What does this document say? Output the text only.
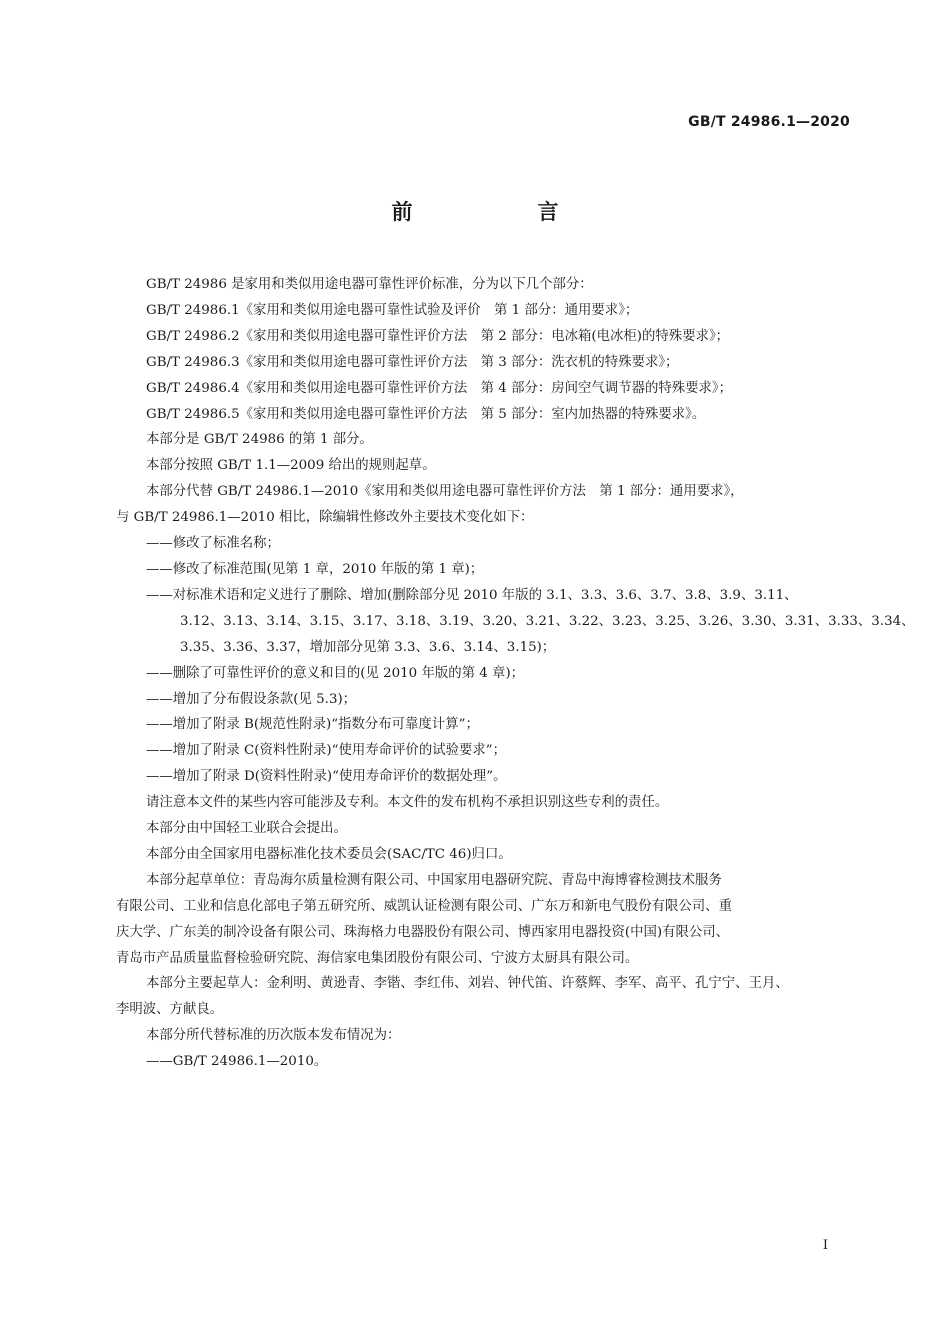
GB/T 24986.1—2020
前　言

GB/T 24986 是家用和类似用途电器可靠性评价标准，分为以下几个部分：

GB/T 24986.1《家用和类似用途电器可靠性试验及评价　第 1 部分：通用要求》；

GB/T 24986.2《家用和类似用途电器可靠性评价方法　第 2 部分：电冰箱(电冰柜)的特殊要求》；

GB/T 24986.3《家用和类似用途电器可靠性评价方法　第 3 部分：洗衣机的特殊要求》；

GB/T 24986.4《家用和类似用途电器可靠性评价方法　第 4 部分：房间空气调节器的特殊要求》；

GB/T 24986.5《家用和类似用途电器可靠性评价方法　第 5 部分：室内加热器的特殊要求》。

本部分是 GB/T 24986 的第 1 部分。

本部分按照 GB/T 1.1—2009 给出的规则起草。

本部分代替 GB/T 24986.1—2010《家用和类似用途电器可靠性评价方法　第 1 部分：通用要求》，

与 GB/T 24986.1—2010 相比，除编辑性修改外主要技术变化如下：

——修改了标准名称；

——修改了标准范围(见第 1 章，2010 年版的第 1 章)；

——对标准术语和定义进行了删除、增加(删除部分见 2010 年版的 3.1、3.3、3.6、3.7、3.8、3.9、3.11、

3.12、3.13、3.14、3.15、3.17、3.18、3.19、3.20、3.21、3.22、3.23、3.25、3.26、3.30、3.31、3.33、3.34、

3.35、3.36、3.37，增加部分见第 3.3、3.6、3.14、3.15)；

——删除了可靠性评价的意义和目的(见 2010 年版的第 4 章)；

——增加了分布假设条款(见 5.3)；

——增加了附录 B(规范性附录)“指数分布可靠度计算”；

——增加了附录 C(资料性附录)“使用寿命评价的试验要求”；

——增加了附录 D(资料性附录)“使用寿命评价的数据处理”。

请注意本文件的某些内容可能涉及专利。本文件的发布机构不承担识别这些专利的责任。

本部分由中国轻工业联合会提出。

本部分由全国家用电器标准化技术委员会(SAC/TC 46)归口。

本部分起草单位：青岛海尔质量检测有限公司、中国家用电器研究院、青岛中海博睿检测技术服务

有限公司、工业和信息化部电子第五研究所、威凯认证检测有限公司、广东万和新电气股份有限公司、重

庆大学、广东美的制冷设备有限公司、珠海格力电器股份有限公司、博西家用电器投资(中国)有限公司、

青岛市产品质量监督检验研究院、海信家电集团股份有限公司、宁波方太厨具有限公司。

本部分主要起草人：金利明、黄逊青、李锴、李红伟、刘岩、钟代笛、许蔡辉、李军、高平、孔宁宁、王月、

李明波、方献良。

本部分所代替标准的历次版本发布情况为：

——GB/T 24986.1—2010。

Ⅰ
